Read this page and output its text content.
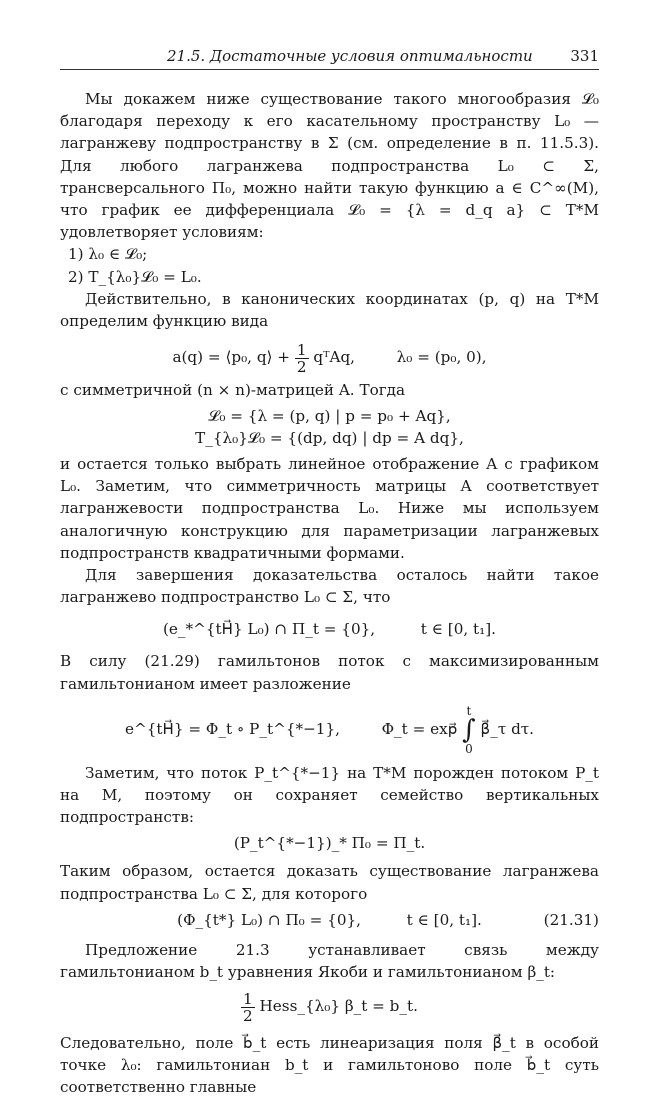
21.5. Достаточные условия оптимальности	331

Мы докажем ниже существование такого многообразия 𝓛₀ благодаря переходу к его касательному пространству L₀ — лагранжеву подпространству в Σ (см. определение в п. 11.5.3). Для любого лагранжева подпространства L₀ ⊂ Σ, трансверсального Π₀, можно найти такую функцию a ∈ C^∞(M), что график ее дифференциала 𝓛₀ = {λ = d_q a} ⊂ T*M удовлетворяет условиям:

1) λ₀ ∈ 𝓛₀;

2) T_{λ₀}𝓛₀ = L₀.

Действительно, в канонических координатах (p, q) на T*M определим функцию вида

a(q) = ⟨p₀, q⟩ + $\frac{1}{2}$ qᵀAq,	λ₀ = (p₀, 0),

с симметричной (n × n)-матрицей A. Тогда

𝓛₀ = {λ = (p, q) | p = p₀ + Aq},
T_{λ₀}𝓛₀ = {(dp, dq) | dp = A dq},

и остается только выбрать линейное отображение A с графиком L₀. Заметим, что симметричность матрицы A соответствует лагранжевости подпространства L₀. Ниже мы используем аналогичную конструкцию для параметризации лагранжевых подпространств квадратичными формами.

Для завершения доказательства осталось найти такое лагранжево подпространство L₀ ⊂ Σ, что

(e_*^{tH⃗} L₀) ∩ Π_t = {0},	t ∈ [0, t₁].

В силу (21.29) гамильтонов поток с максимизированным гамильтонианом имеет разложение

e^{tH⃗} = Φ_t ∘ P_t^{*−1},	Φ_t = exp⃗ t
∫
0 β⃗_τ dτ.

Заметим, что поток P_t^{*−1} на T*M порожден потоком P_t на M, поэтому он сохраняет семейство вертикальных подпространств:

(P_t^{*−1})_* Π₀ = Π_t.

Таким образом, остается доказать существование лагранжева подпространства L₀ ⊂ Σ, для которого

(Φ_{t*} L₀) ∩ Π₀ = {0},	t ∈ [0, t₁].	(21.31)

Предложение 21.3 устанавливает связь между гамильтонианом b_t уравнения Якоби и гамильтонианом β_t:

$\frac{1}{2}$ Hess_{λ₀} β_t = b_t.

Следовательно, поле b⃗_t есть линеаризация поля β⃗_t в особой точке λ₀: гамильтониан b_t и гамильтоново поле b⃗_t суть соответственно главные
